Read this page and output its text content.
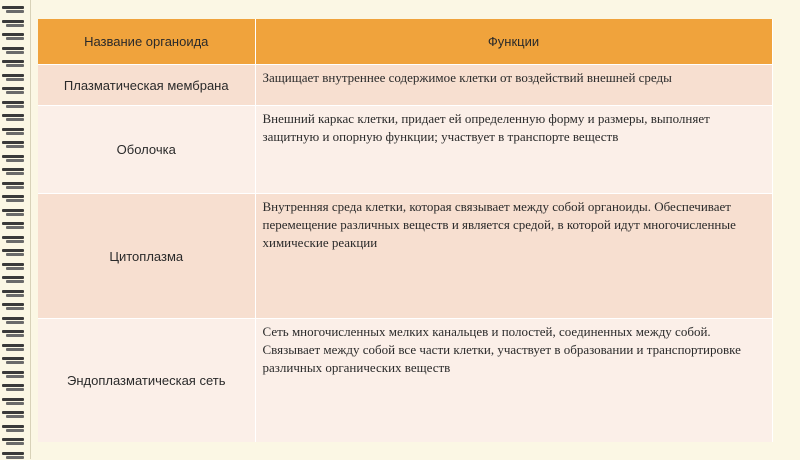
Название органоида	Функции
Плазматическая мембрана	Защищает внутреннее содержимое клетки от воздействий внешней среды
Оболочка	Внешний каркас клетки, придает ей определенную форму и размеры, выполняет защитную и опорную функции; участвует в транспорте веществ
Цитоплазма	Внутренняя среда клетки, которая связывает между собой органоиды. Обеспечивает перемещение различных веществ и является средой, в которой идут многочисленные химические реакции
Эндоплазматическая сеть	Сеть многочисленных мелких канальцев и полостей, соединенных между собой. Связывает между собой все части клетки, участвует в образовании и транспортировке различных органических веществ
